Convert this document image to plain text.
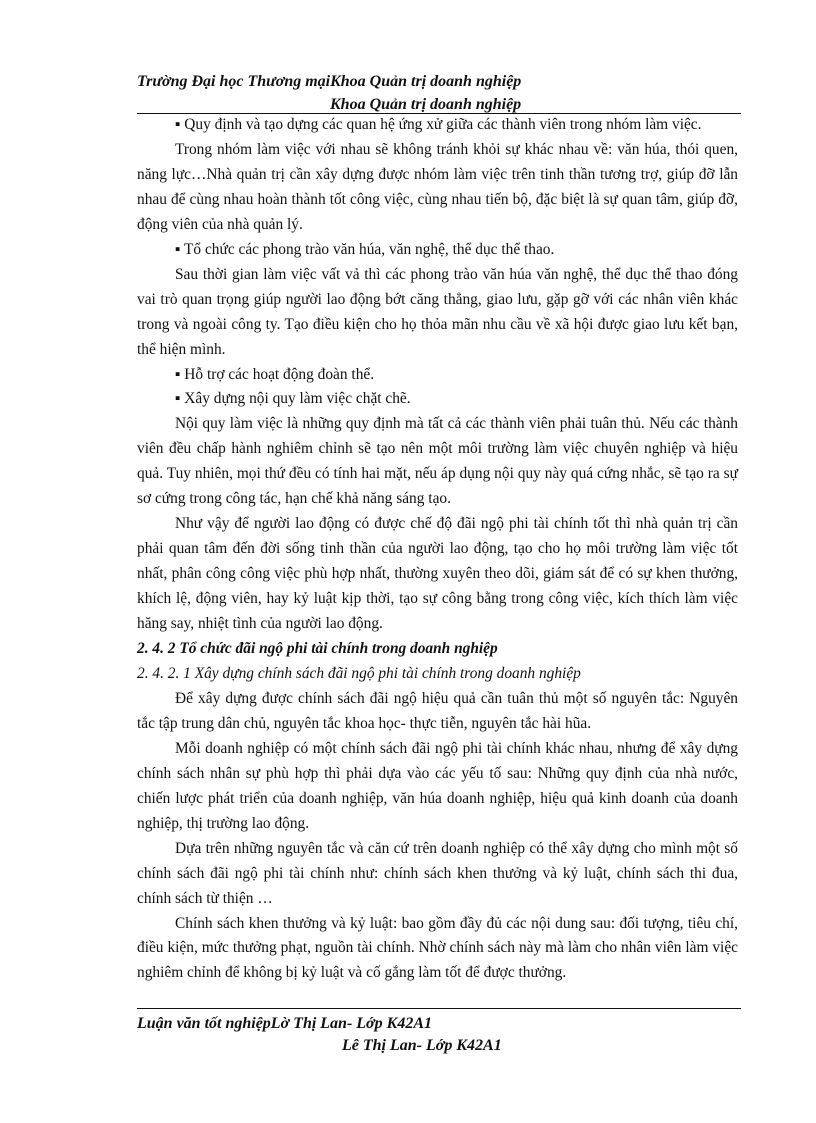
Trường Đại học Thương mạiKhoa Quản trị doanh nghiệp
Khoa Quản trị doanh nghiệp

▪ Quy định và tạo dựng các quan hệ ứng xử giữa các thành viên trong nhóm làm việc.

Trong nhóm làm việc với nhau sẽ không tránh khỏi sự khác nhau về: văn húa, thói quen, năng lực…Nhà quản trị cần xây dựng được nhóm làm việc trên tinh thần tương trợ, giúp đỡ lẫn nhau để cùng nhau hoàn thành tốt công việc, cùng nhau tiến bộ, đặc biệt là sự quan tâm, giúp đỡ, động viên của nhà quản lý.

▪ Tổ chức các phong trào văn húa, văn nghệ, thể dục thể thao.

Sau thời gian làm việc vất vả thì các phong trào văn húa văn nghệ, thể dục thể thao đóng vai trò quan trọng giúp người lao động bớt căng thẳng, giao lưu, gặp gỡ với các nhân viên khác trong và ngoài công ty. Tạo điều kiện cho họ thỏa mãn nhu cầu về xã hội được giao lưu kết bạn, thể hiện mình.

▪ Hỗ trợ các hoạt động đoàn thể.

▪ Xây dựng nội quy làm việc chặt chẽ.

Nội quy làm việc là những quy định mà tất cả các thành viên phải tuân thủ. Nếu các thành viên đều chấp hành nghiêm chỉnh sẽ tạo nên một môi trường làm việc chuyên nghiệp và hiệu quả. Tuy nhiên, mọi thứ đều có tính hai mặt, nếu áp dụng nội quy này quá cứng nhắc, sẽ tạo ra sự sơ cứng trong công tác, hạn chế khả năng sáng tạo.

Như vậy để người lao động có được chế độ đãi ngộ phi tài chính tốt thì nhà quản trị cần phải quan tâm đến đời sống tinh thần của người lao động, tạo cho họ môi trường làm việc tốt nhất, phân công công việc phù hợp nhất, thường xuyên theo dõi, giám sát để có sự khen thưởng, khích lệ, động viên, hay kỷ luật kịp thời, tạo sự công bằng trong công việc, kích thích làm việc hăng say, nhiệt tình của người lao động.

2. 4. 2 Tổ chức đãi ngộ phi tài chính trong doanh nghiệp

2. 4. 2. 1 Xây dựng chính sách đãi ngộ phi tài chính trong doanh nghiệp

Để xây dựng được chính sách đãi ngộ hiệu quả cần tuân thủ một số nguyên tắc: Nguyên tắc tập trung dân chủ, nguyên tắc khoa học- thực tiễn, nguyên tắc hài hũa.

Mỗi doanh nghiệp có một chính sách đãi ngộ phi tài chính khác nhau, nhưng để xây dựng chính sách nhân sự phù hợp thì phải dựa vào các yếu tố sau: Những quy định của nhà nước, chiến lược phát triển của doanh nghiệp, văn húa doanh nghiệp, hiệu quả kinh doanh của doanh nghiệp, thị trường lao động.

Dựa trên những nguyên tắc và căn cứ trên doanh nghiệp có thể xây dựng cho mình một số chính sách đãi ngộ phi tài chính như: chính sách khen thưởng và kỷ luật, chính sách thi đua, chính sách từ thiện …

Chính sách khen thưởng và kỷ luật: bao gồm đầy đủ các nội dung sau: đối tượng, tiêu chí, điều kiện, mức thưởng phạt, nguồn tài chính. Nhờ chính sách này mà làm cho nhân viên làm việc nghiêm chỉnh để không bị kỷ luật và cố gắng làm tốt để được thưởng.

Luận văn tốt nghiệpLờ Thị Lan- Lớp K42A1
Lê Thị Lan- Lớp K42A1
